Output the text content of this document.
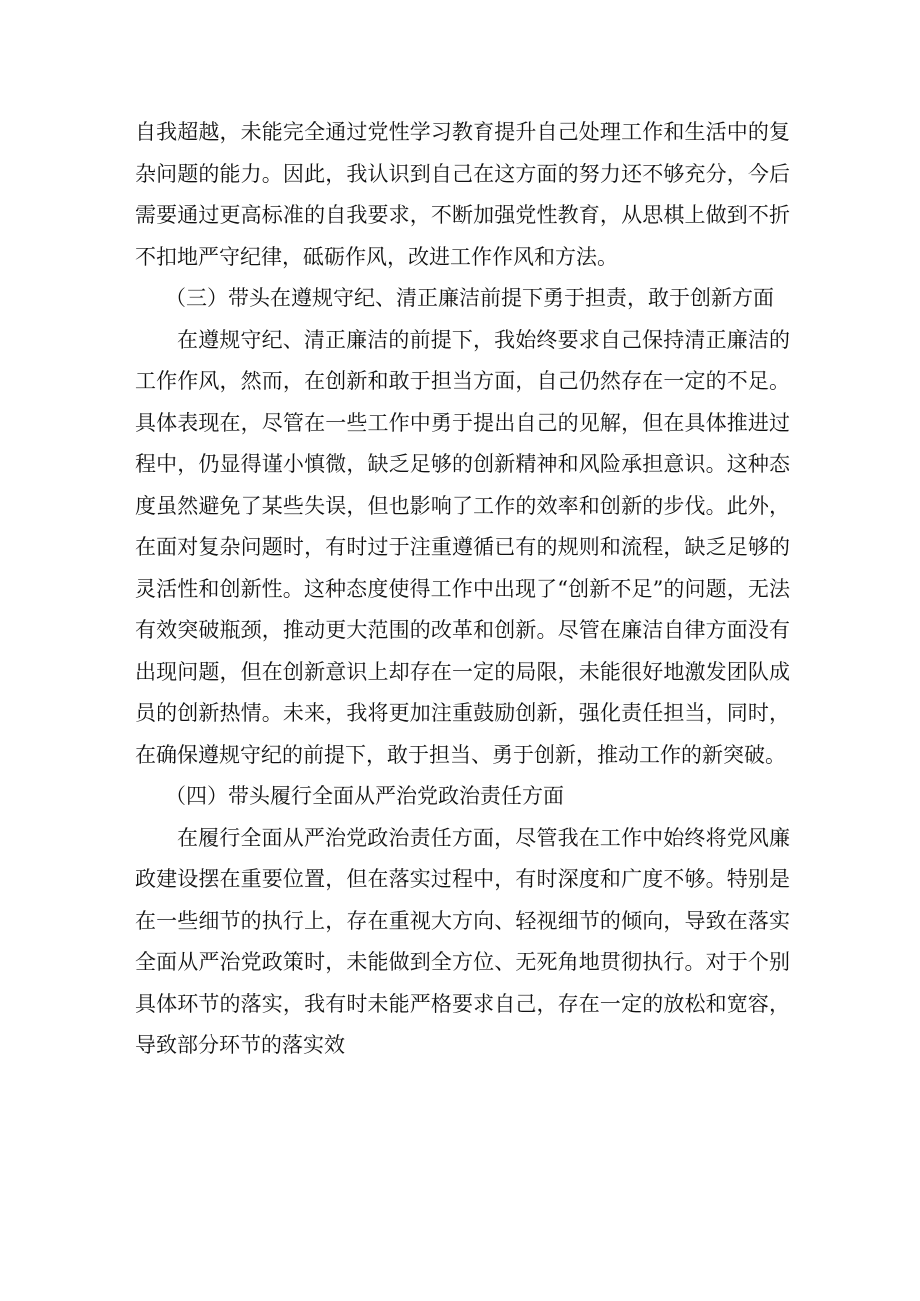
自我超越，未能完全通过党性学习教育提升自己处理工作和生活中的复杂问题的能力。因此，我认识到自己在这方面的努力还不够充分，今后需要通过更高标准的自我要求，不断加强党性教育，从思棋上做到不折不扣地严守纪律，砥砺作风，改进工作作风和方法。

（三）带头在遵规守纪、清正廉洁前提下勇于担责，敢于创新方面

在遵规守纪、清正廉洁的前提下，我始终要求自己保持清正廉洁的工作作风，然而，在创新和敢于担当方面，自己仍然存在一定的不足。具体表现在，尽管在一些工作中勇于提出自己的见解，但在具体推进过程中，仍显得谨小慎微，缺乏足够的创新精神和风险承担意识。这种态度虽然避免了某些失误，但也影响了工作的效率和创新的步伐。此外，在面对复杂问题时，有时过于注重遵循已有的规则和流程，缺乏足够的灵活性和创新性。这种态度使得工作中出现了“创新不足”的问题，无法有效突破瓶颈，推动更大范围的改革和创新。尽管在廉洁自律方面没有出现问题，但在创新意识上却存在一定的局限，未能很好地激发团队成员的创新热情。未来，我将更加注重鼓励创新，强化责任担当，同时，在确保遵规守纪的前提下，敢于担当、勇于创新，推动工作的新突破。

（四）带头履行全面从严治党政治责任方面

在履行全面从严治党政治责任方面，尽管我在工作中始终将党风廉政建设摆在重要位置，但在落实过程中，有时深度和广度不够。特别是在一些细节的执行上，存在重视大方向、轻视细节的倾向，导致在落实全面从严治党政策时，未能做到全方位、无死角地贯彻执行。对于个别具体环节的落实，我有时未能严格要求自己，存在一定的放松和宽容，导致部分环节的落实效
